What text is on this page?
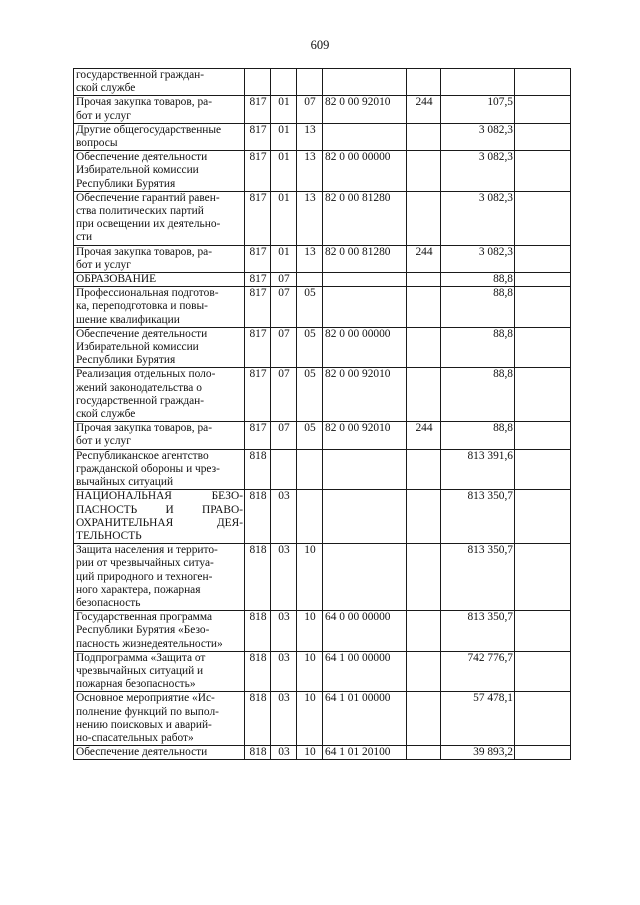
609
государственной граждан-
ской службе							

Прочая закупка товаров, ра-
бот и услуг	817	01	07	82 0 00 92010	244	107,5	

Другие общегосударственные
вопросы	817	01	13			3 082,3	

Обеспечение деятельности
Избирательной комиссии
Республики Бурятия	817	01	13	82 0 00 00000		3 082,3	

Обеспечение гарантий равен-
ства политических партий
при освещении их деятельно-
сти	817	01	13	82 0 00 81280		3 082,3	

Прочая закупка товаров, ра-
бот и услуг	817	01	13	82 0 00 81280	244	3 082,3	

ОБРАЗОВАНИЕ	817	07				88,8	

Профессиональная подготов-
ка, переподготовка и повы-
шение квалификации	817	07	05			88,8	

Обеспечение деятельности
Избирательной комиссии
Республики Бурятия	817	07	05	82 0 00 00000		88,8	

Реализация отдельных поло-
жений законодательства о
государственной граждан-
ской службе	817	07	05	82 0 00 92010		88,8	

Прочая закупка товаров, ра-
бот и услуг	817	07	05	82 0 00 92010	244	88,8	

Республиканское агентство
гражданской обороны и чрез-
вычайных ситуаций	818					813 391,6	

НАЦИОНАЛЬНАЯ БЕЗО-
ПАСНОСТЬ И ПРАВО-
ОХРАНИТЕЛЬНАЯ ДЕЯ-
ТЕЛЬНОСТЬ	818	03				813 350,7	

Защита населения и террито-
рии от чрезвычайных ситуа-
ций природного и техноген-
ного характера, пожарная
безопасность	818	03	10			813 350,7	

Государственная программа
Республики Бурятия «Безо-
пасность жизнедеятельности»	818	03	10	64 0 00 00000		813 350,7	

Подпрограмма «Защита от
чрезвычайных ситуаций и
пожарная безопасность»	818	03	10	64 1 00 00000		742 776,7	

Основное мероприятие «Ис-
полнение функций по выпол-
нению поисковых и аварий-
но-спасательных работ»	818	03	10	64 1 01 00000		57 478,1	

Обеспечение деятельности	818	03	10	64 1 01 20100		39 893,2	
